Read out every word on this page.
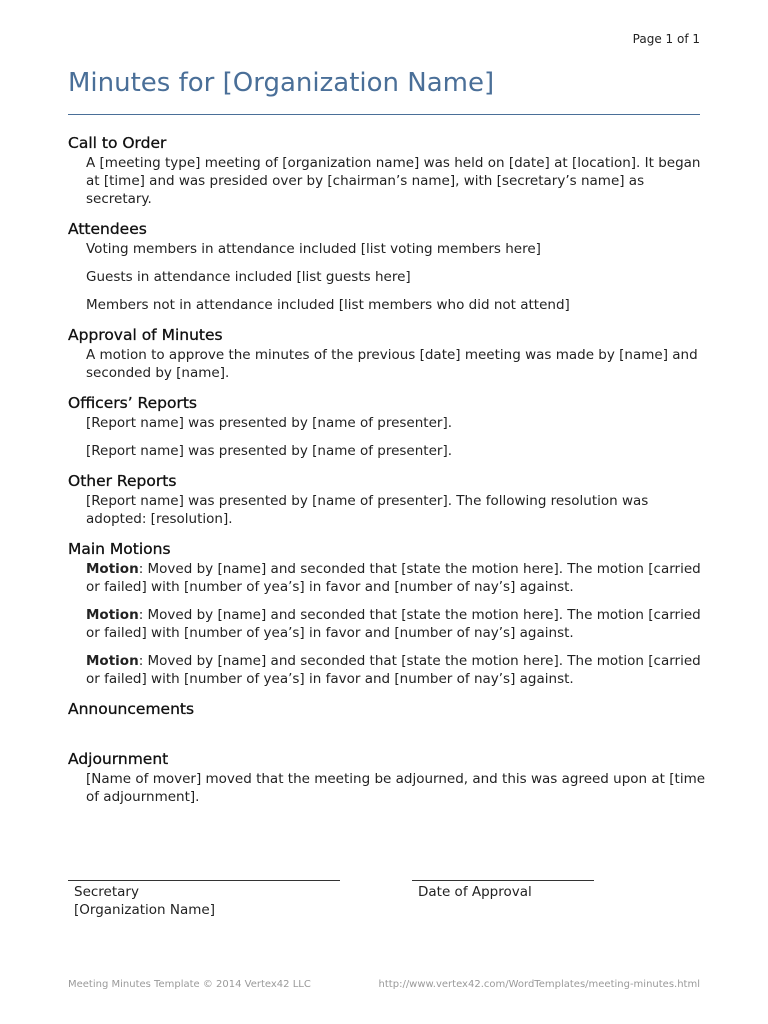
Page 1 of 1
Minutes for [Organization Name]
Call to Order

A [meeting type] meeting of [organization name] was held on [date] at [location]. It began at [time] and was presided over by [chairman’s name], with [secretary’s name] as secretary.

Attendees

Voting members in attendance included [list voting members here]

Guests in attendance included [list guests here]

Members not in attendance included [list members who did not attend]

Approval of Minutes

A motion to approve the minutes of the previous [date] meeting was made by [name] and seconded by [name].

Officers’ Reports

[Report name] was presented by [name of presenter].

[Report name] was presented by [name of presenter].

Other Reports

[Report name] was presented by [name of presenter]. The following resolution was adopted: [resolution].

Main Motions

Motion: Moved by [name] and seconded that [state the motion here]. The motion [carried or failed] with [number of yea’s] in favor and [number of nay’s] against.

Motion: Moved by [name] and seconded that [state the motion here]. The motion [carried or failed] with [number of yea’s] in favor and [number of nay’s] against.

Motion: Moved by [name] and seconded that [state the motion here]. The motion [carried or failed] with [number of yea’s] in favor and [number of nay’s] against.

Announcements
Adjournment

[Name of mover] moved that the meeting be adjourned, and this was agreed upon at [time of adjournment].

Secretary
[Organization Name]
Date of Approval
Meeting Minutes Template © 2014 Vertex42 LLC	http://www.vertex42.com/WordTemplates/meeting-minutes.html
